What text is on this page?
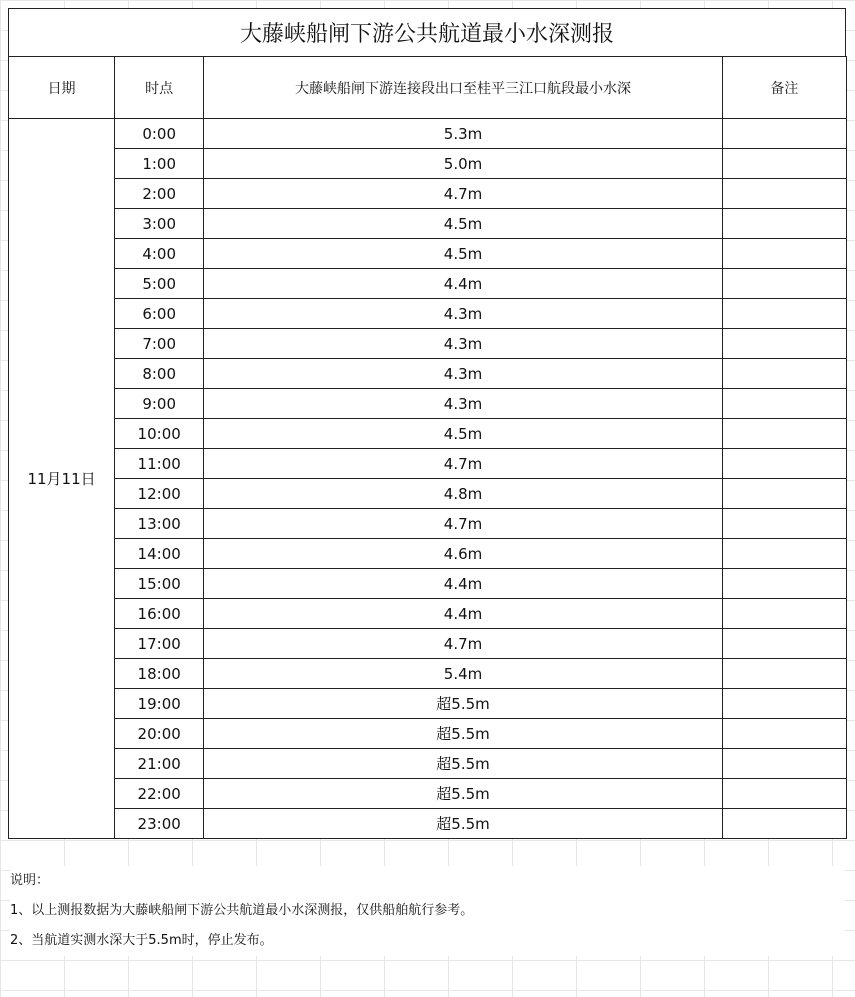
大藤峡船闸下游公共航道最小水深测报
日期	时点	大藤峡船闸下游连接段出口至桂平三江口航段最小水深	备注
11月11日	0:00	5.3m	
	1:00	5.0m	
	2:00	4.7m	
	3:00	4.5m	
	4:00	4.5m	
	5:00	4.4m	
	6:00	4.3m	
	7:00	4.3m	
	8:00	4.3m	
	9:00	4.3m	
	10:00	4.5m	
	11:00	4.7m	
	12:00	4.8m	
	13:00	4.7m	
	14:00	4.6m	
	15:00	4.4m	
	16:00	4.4m	
	17:00	4.7m	
	18:00	5.4m	
	19:00	超5.5m	
	20:00	超5.5m	
	21:00	超5.5m	
	22:00	超5.5m	
	23:00	超5.5m	
说明：
1、以上测报数据为大藤峡船闸下游公共航道最小水深测报，仅供船舶航行参考。
2、当航道实测水深大于5.5m时，停止发布。
